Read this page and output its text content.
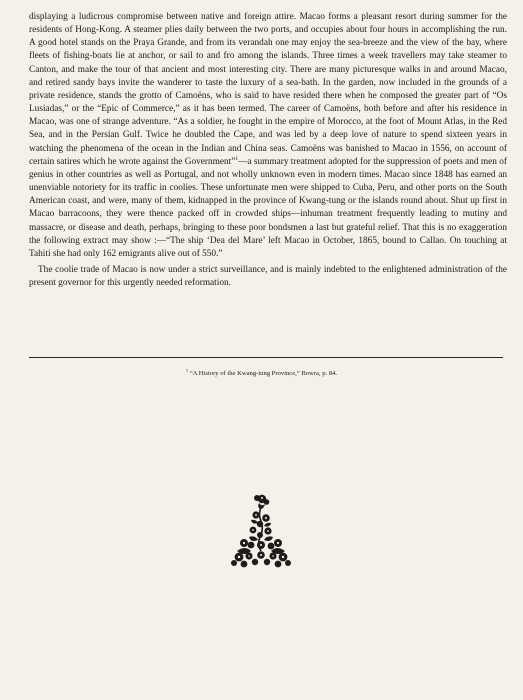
displaying a ludicrous compromise between native and foreign attire. Macao forms a pleasant resort during summer for the residents of Hong-Kong. A steamer plies daily between the two ports, and occupies about four hours in accomplishing the run. A good hotel stands on the Praya Grande, and from its verandah one may enjoy the sea-breeze and the view of the bay, where fleets of fishing-boats lie at anchor, or sail to and fro among the islands. Three times a week travellers may take steamer to Canton, and make the tour of that ancient and most interesting city. There are many picturesque walks in and around Macao, and retired sandy bays invite the wanderer to taste the luxury of a sea-bath. In the garden, now included in the grounds of a private residence, stands the grotto of Camoëns, who is said to have resided there when he composed the greater part of “Os Lusiadas,” or the “Epic of Commerce,” as it has been termed. The career of Camoëns, both before and after his residence in Macao, was one of strange adventure. “As a soldier, he fought in the empire of Morocco, at the foot of Mount Atlas, in the Red Sea, and in the Persian Gulf. Twice he doubled the Cape, and was led by a deep love of nature to spend sixteen years in watching the phenomena of the ocean in the Indian and China seas. Camoëns was banished to Macao in 1556, on account of certain satires which he wrote against the Government”$^1$—a summary treatment adopted for the suppression of poets and men of genius in other countries as well as Portugal, and not wholly unknown even in modern times. Macao since 1848 has earned an unenviable notoriety for its traffic in coolies. These unfortunate men were shipped to Cuba, Peru, and other ports on the South American coast, and were, many of them, kidnapped in the province of Kwang-tung or the islands round about. Shut up first in Macao barracoons, they were thence packed off in crowded ships—inhuman treatment frequently leading to mutiny and massacre, or disease and death, perhaps, bringing to these poor bondsmen a last but grateful relief. That this is no exaggeration the following extract may show :—“The ship ‘Dea del Mare’ left Macao in October, 1865, bound to Callao. On touching at Tahiti she had only 162 emigrants alive out of 550.”

The coolie trade of Macao is now under a strict surveillance, and is mainly indebted to the enlightened administration of the present governor for this urgently needed reformation.

$^1$ “A History of the Kwang-tung Province,” Bowra, p. 84.
